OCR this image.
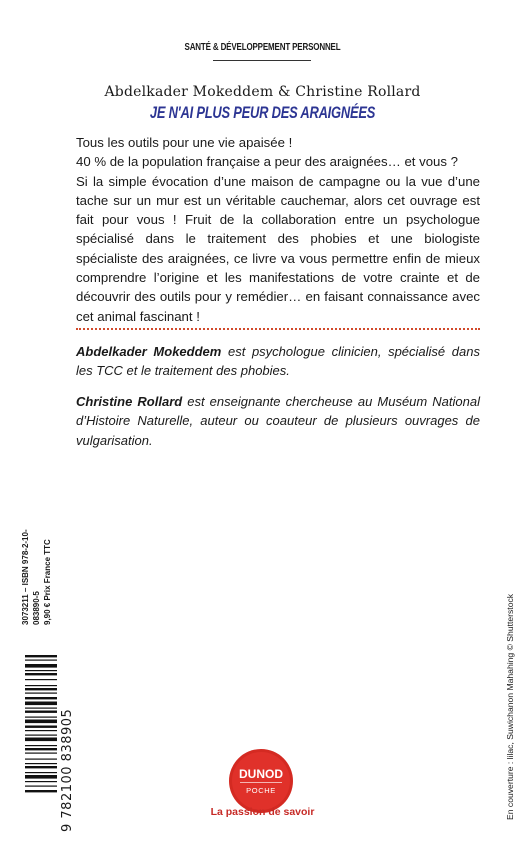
SANTÉ & DÉVELOPPEMENT PERSONNEL
Abdelkader Mokeddem & Christine Rollard
JE N'AI PLUS PEUR DES ARAIGNÉES

Tous les outils pour une vie apaisée !

40 % de la population française a peur des araignées… et vous ?

Si la simple évocation d’une maison de campagne ou la vue d’une tache sur un mur est un véritable cauchemar, alors cet ouvrage est fait pour vous ! Fruit de la collaboration entre un psychologue spécialisé dans le traitement des phobies et une biologiste spécialiste des araignées, ce livre va vous permettre enfin de mieux comprendre l’origine et les manifestations de votre crainte et de découvrir des outils pour y remédier… en faisant connaissance avec cet animal fascinant !

Abdelkader Mokeddem est psychologue clinicien, spécialisé dans les TCC et le traitement des phobies.
Christine Rollard est enseignante chercheuse au Muséum National d’Histoire Naturelle, auteur ou coauteur de plusieurs ouvrages de vulgarisation.
3073211 – ISBN 978-2-10-083890-5 9,90 € Prix France TTC
9 782100 838905	En couverture : lilac, Suwichanon Mahahing © Shutterstock
DUNOD
POCHE
La passion de savoir
